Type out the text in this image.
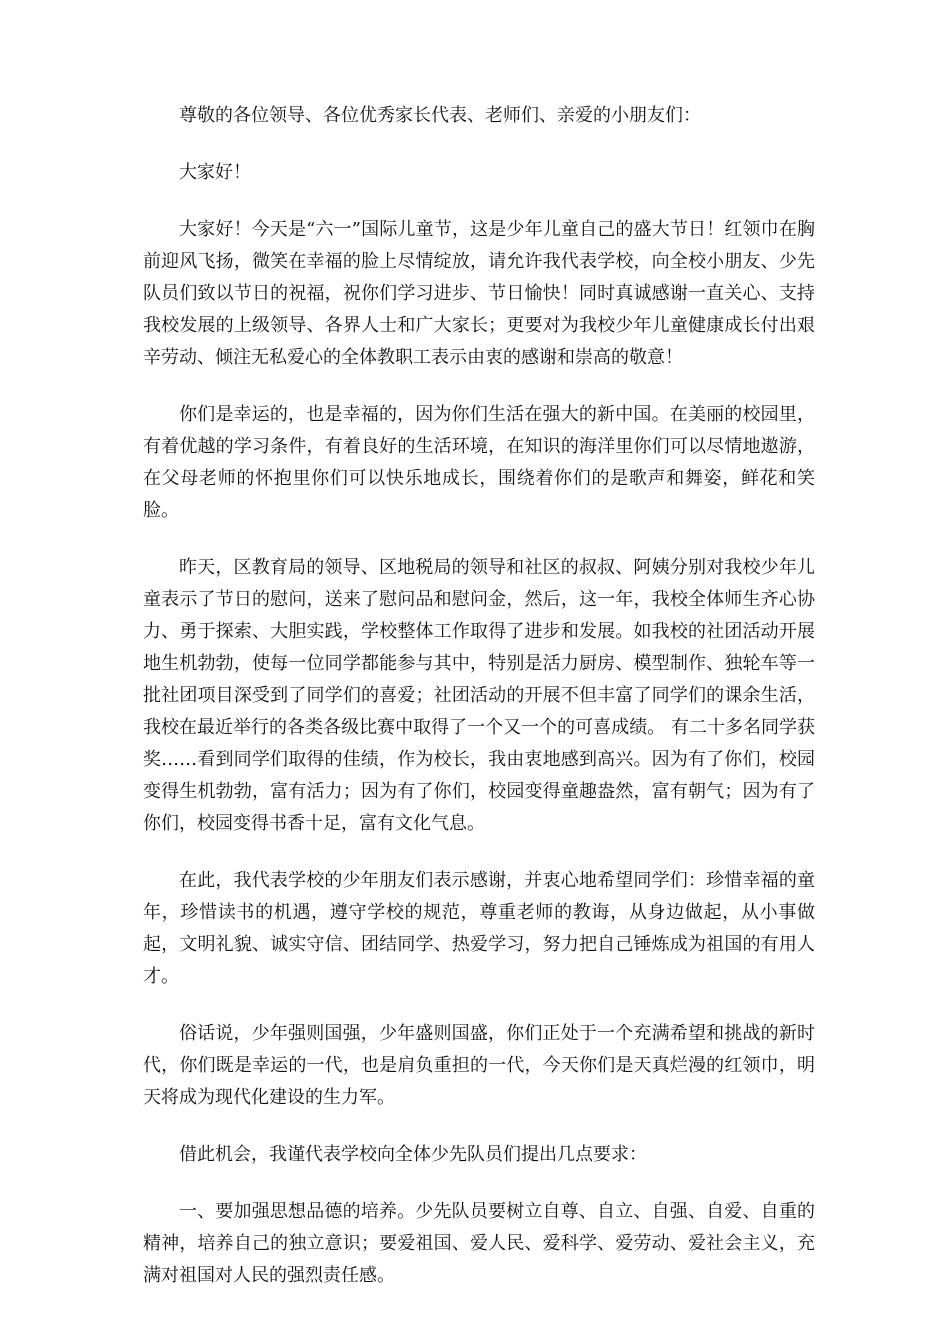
尊敬的各位领导、各位优秀家长代表、老师们、亲爱的小朋友们：

大家好！

大家好！今天是“六一”国际儿童节，这是少年儿童自己的盛大节日！红领巾在胸前迎风飞扬，微笑在幸福的脸上尽情绽放，请允许我代表学校，向全校小朋友、少先队员们致以节日的祝福，祝你们学习进步、节日愉快！同时真诚感谢一直关心、支持我校发展的上级领导、各界人士和广大家长；更要对为我校少年儿童健康成长付出艰辛劳动、倾注无私爱心的全体教职工表示由衷的感谢和崇高的敬意！

你们是幸运的，也是幸福的，因为你们生活在强大的新中国。在美丽的校园里，有着优越的学习条件，有着良好的生活环境，在知识的海洋里你们可以尽情地遨游，在父母老师的怀抱里你们可以快乐地成长，围绕着你们的是歌声和舞姿，鲜花和笑脸。

昨天，区教育局的领导、区地税局的领导和社区的叔叔、阿姨分别对我校少年儿童表示了节日的慰问，送来了慰问品和慰问金，然后，这一年，我校全体师生齐心协力、勇于探索、大胆实践，学校整体工作取得了进步和发展。如我校的社团活动开展地生机勃勃，使每一位同学都能参与其中，特别是活力厨房、模型制作、独轮车等一批社团项目深受到了同学们的喜爱；社团活动的开展不但丰富了同学们的课余生活，我校在最近举行的各类各级比赛中取得了一个又一个的可喜成绩。 有二十多名同学获奖……看到同学们取得的佳绩，作为校长，我由衷地感到高兴。因为有了你们，校园变得生机勃勃，富有活力；因为有了你们，校园变得童趣盎然，富有朝气；因为有了你们，校园变得书香十足，富有文化气息。

在此，我代表学校的少年朋友们表示感谢，并衷心地希望同学们：珍惜幸福的童年，珍惜读书的机遇，遵守学校的规范，尊重老师的教诲，从身边做起，从小事做起，文明礼貌、诚实守信、团结同学、热爱学习，努力把自己锤炼成为祖国的有用人才。

俗话说，少年强则国强，少年盛则国盛，你们正处于一个充满希望和挑战的新时代，你们既是幸运的一代，也是肩负重担的一代，今天你们是天真烂漫的红领巾，明天将成为现代化建设的生力军。

借此机会，我谨代表学校向全体少先队员们提出几点要求：

一、要加强思想品德的培养。少先队员要树立自尊、自立、自强、自爱、自重的精神，培养自己的独立意识；要爱祖国、爱人民、爱科学、爱劳动、爱社会主义，充满对祖国对人民的强烈责任感。
